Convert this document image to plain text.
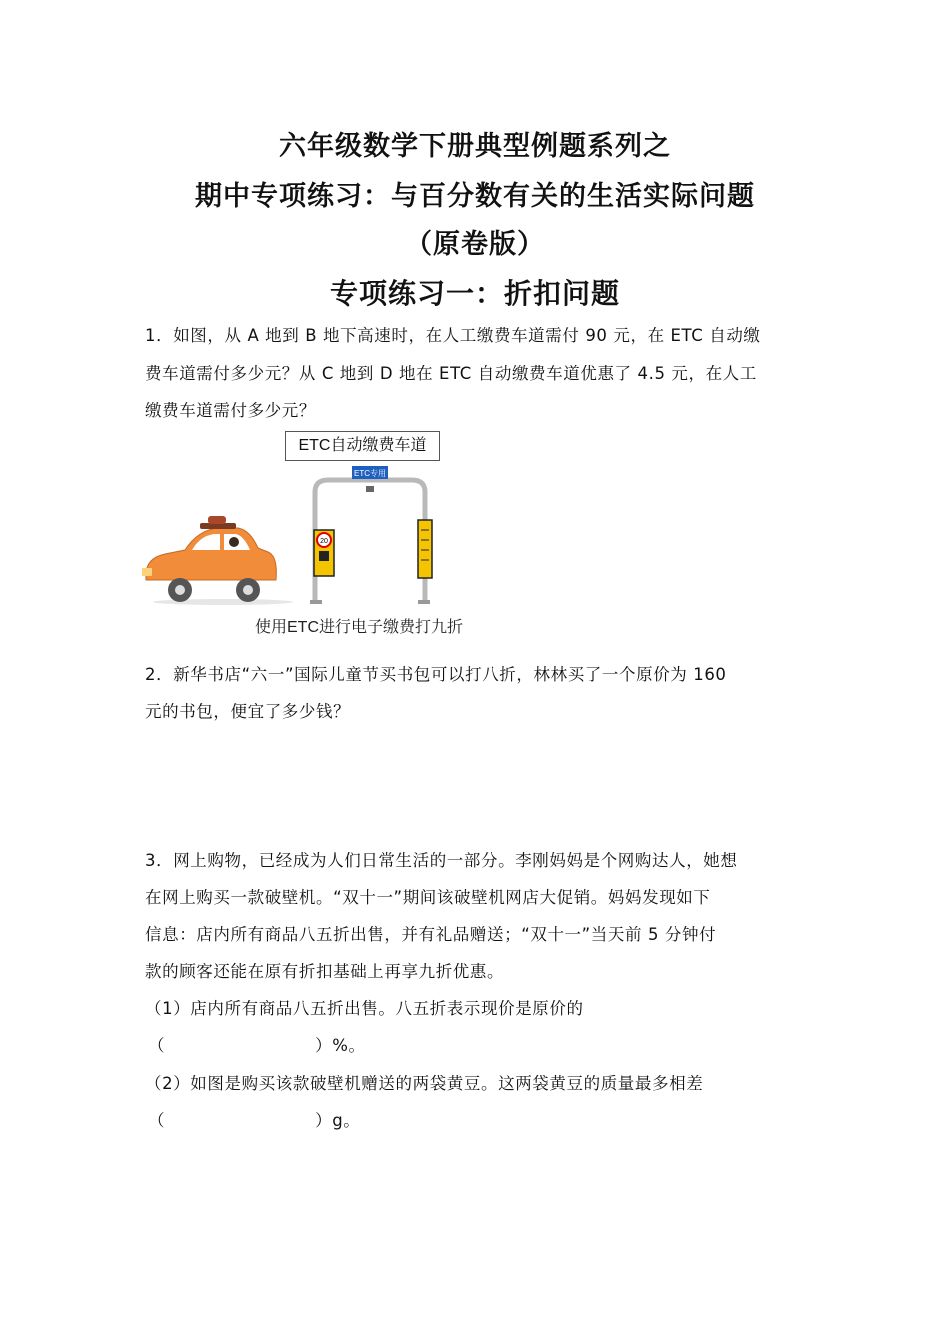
六年级数学下册典型例题系列之
期中专项练习：与百分数有关的生活实际问题
（原卷版）
专项练习一：折扣问题
1．如图，从 A 地到 B 地下高速时，在人工缴费车道需付 90 元，在 ETC 自动缴
费车道需付多少元？从 C 地到 D 地在 ETC 自动缴费车道优惠了 4.5 元，在人工
缴费车道需付多少元？
ETC自动缴费车道
ETC专用
20
使用ETC进行电子缴费打九折
2．新华书店“六一”国际儿童节买书包可以打八折，林林买了一个原价为 160
元的书包，便宜了多少钱？
3．网上购物，已经成为人们日常生活的一部分。李刚妈妈是个网购达人，她想
在网上购买一款破壁机。“双十一”期间该破壁机网店大促销。妈妈发现如下
信息：店内所有商品八五折出售，并有礼品赠送；“双十一”当天前 5 分钟付
款的顾客还能在原有折扣基础上再享九折优惠。
（1）店内所有商品八五折出售。八五折表示现价是原价的
（	）%。
（2）如图是购买该款破壁机赠送的两袋黄豆。这两袋黄豆的质量最多相差
（	）g。
